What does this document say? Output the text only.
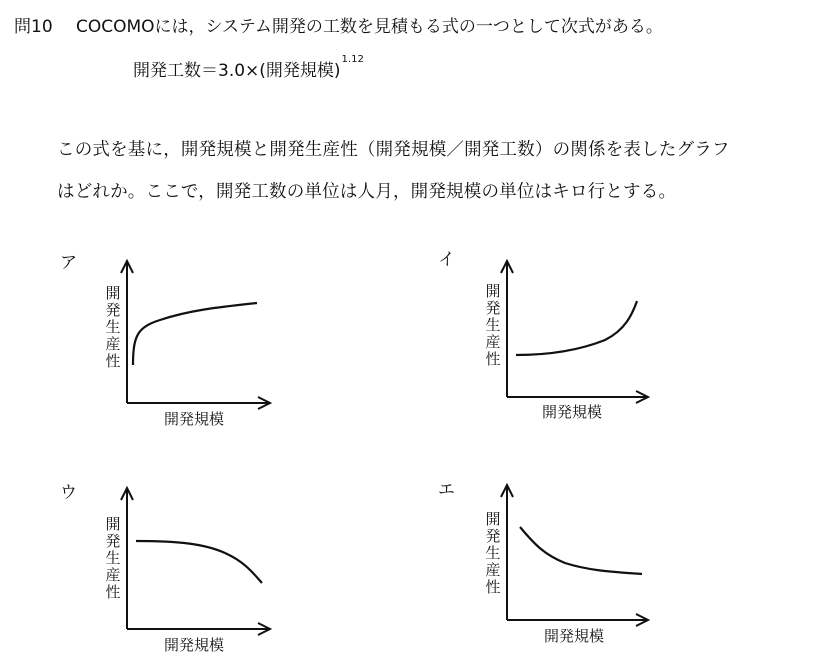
問10 COCOMOには，システム開発の工数を見積もる式の一つとして次式がある。
開発工数＝3.0×(開発規模)$^{1.12}$
この式を基に，開発規模と開発生産性（開発規模／開発工数）の関係を表したグラフ
はどれか。ここで，開発工数の単位は人月，開発規模の単位はキロ行とする。
ア
開
発
生
産
性
開発規模
イ
開
発
生
産
性
開発規模
ウ
開
発
生
産
性
開発規模
エ
開
発
生
産
性
開発規模
